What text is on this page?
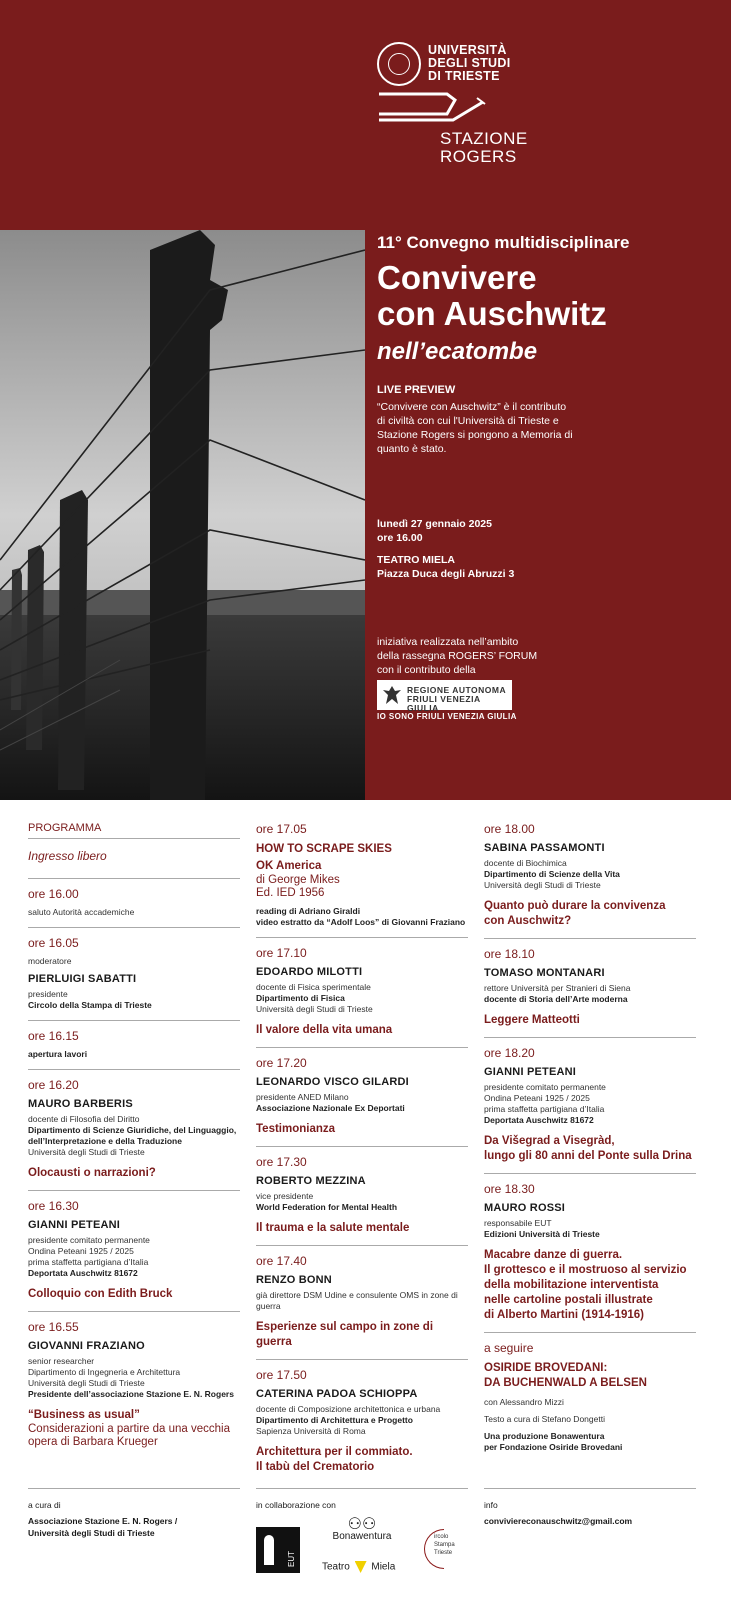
UNIVERSITÀ
DEGLI STUDI
DI TRIESTE
STAZIONE
ROGERS
11° Convegno multidisciplinare
Convivere
con Auschwitz
nell’ecatombe
LIVE PREVIEW
“Convivere con Auschwitz” è il contributo di civiltà con cui l'Università di Trieste e Stazione Rogers si pongono a Memoria di quanto è stato.
lunedì 27 gennaio 2025
ore 16.00
TEATRO MIELA
Piazza Duca degli Abruzzi 3
iniziativa realizzata nell’ambito
della rassegna ROGERS’ FORUM
con il contributo della
REGIONE AUTONOMA
FRIULI VENEZIA GIULIA
IO SONO FRIULI VENEZIA GIULIA
PROGRAMMA
Ingresso libero
ore 16.00
saluto Autorità accademiche
ore 16.05
moderatore
PIERLUIGI SABATTI
presidente
Circolo della Stampa di Trieste
ore 16.15
apertura lavori
ore 16.20
MAURO BARBERIS
docente di Filosofia del Diritto
Dipartimento di Scienze Giuridiche, del Linguaggio, dell’Interpretazione e della Traduzione
Università degli Studi di Trieste
Olocausti o narrazioni?
ore 16.30
GIANNI PETEANI
presidente comitato permanente
Ondina Peteani 1925 / 2025
prima staffetta partigiana d’Italia
Deportata Auschwitz 81672
Colloquio con Edith Bruck
ore 16.55
GIOVANNI FRAZIANO
senior researcher
Dipartimento di Ingegneria e Architettura
Università degli Studi di Trieste
Presidente dell’associazione Stazione E. N. Rogers
“Business as usual”
Considerazioni a partire da una vecchia opera di Barbara Krueger
ore 17.05
HOW TO SCRAPE SKIES
OK America
di George Mikes
Ed. IED 1956
reading di Adriano Giraldi
video estratto da “Adolf Loos” di Giovanni Fraziano
ore 17.10
EDOARDO MILOTTI
docente di Fisica sperimentale
Dipartimento di Fisica
Università degli Studi di Trieste
Il valore della vita umana
ore 17.20
LEONARDO VISCO GILARDI
presidente ANED Milano
Associazione Nazionale Ex Deportati
Testimonianza
ore 17.30
ROBERTO MEZZINA
vice presidente
World Federation for Mental Health
Il trauma e la salute mentale
ore 17.40
RENZO BONN
già direttore DSM Udine e consulente OMS in zone di guerra
Esperienze sul campo in zone di guerra
ore 17.50
CATERINA PADOA SCHIOPPA
docente di Composizione architettonica e urbana
Dipartimento di Architettura e Progetto
Sapienza Università di Roma
Architettura per il commiato.
Il tabù del Crematorio
ore 18.00
SABINA PASSAMONTI
docente di Biochimica
Dipartimento di Scienze della Vita
Università degli Studi di Trieste
Quanto può durare la convivenza
con Auschwitz?
ore 18.10
TOMASO MONTANARI
rettore Università per Stranieri di Siena
docente di Storia dell’Arte moderna
Leggere Matteotti
ore 18.20
GIANNI PETEANI
presidente comitato permanente
Ondina Peteani 1925 / 2025
prima staffetta partigiana d’Italia
Deportata Auschwitz 81672
Da Višegrad a Visegràd,
lungo gli 80 anni del Ponte sulla Drina
ore 18.30
MAURO ROSSI
responsabile EUT
Edizioni Università di Trieste
Macabre danze di guerra.
Il grottesco e il mostruoso al servizio
della mobilitazione interventista
nelle cartoline postali illustrate
di Alberto Martini (1914-1916)
a seguire
OSIRIDE BROVEDANI:
DA BUCHENWALD A BELSEN
con Alessandro Mizzi
Testo a cura di Stefano Dongetti
Una produzione Bonawentura
per Fondazione Osiride Brovedani
a cura di
Associazione Stazione E. N. Rogers /
Università degli Studi di Trieste
in collaborazione con
EUT
⚇⚇
Bonawentura
Teatro Miela
ircolo
Stampa
Trieste
info
conviviereconauschwitz@gmail.com
